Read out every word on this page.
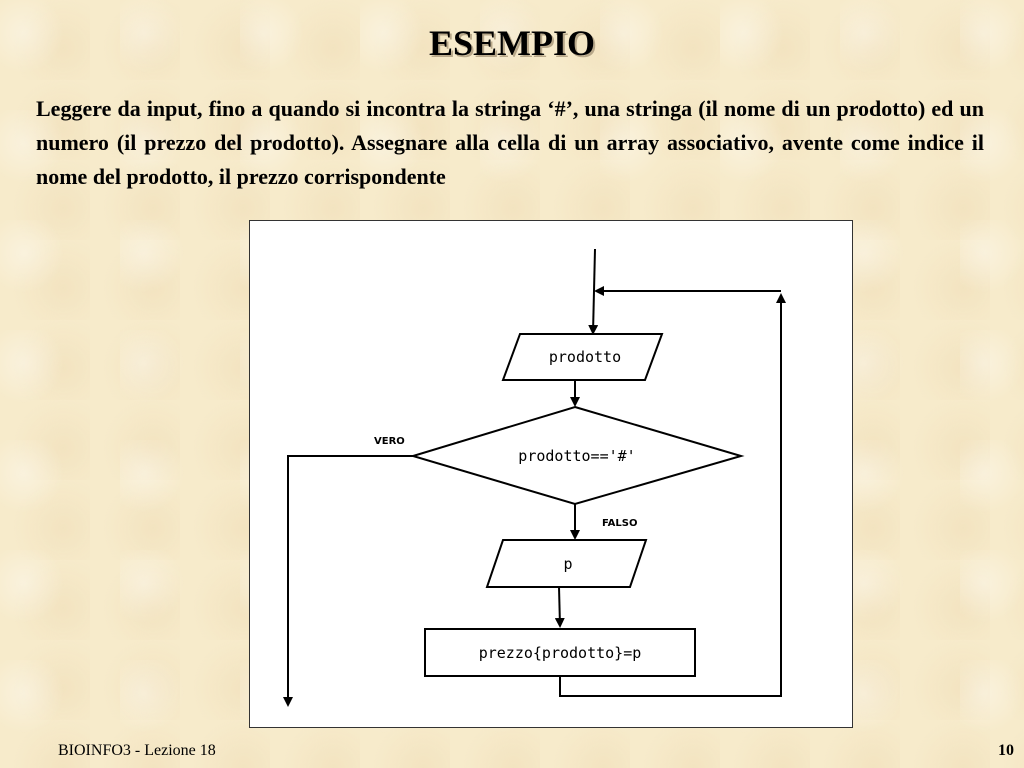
ESEMPIO

Leggere da input, fino a quando si incontra la stringa ‘#’, una stringa (il nome di un prodotto) ed un numero (il prezzo del prodotto). Assegnare alla cella di un array associativo, avente come indice il nome del prodotto, il prezzo corrispondente

prodotto
prodotto=='#'
VERO
FALSO
p
prezzo{prodotto}=p
BIOINFO3 - Lezione 18	10
